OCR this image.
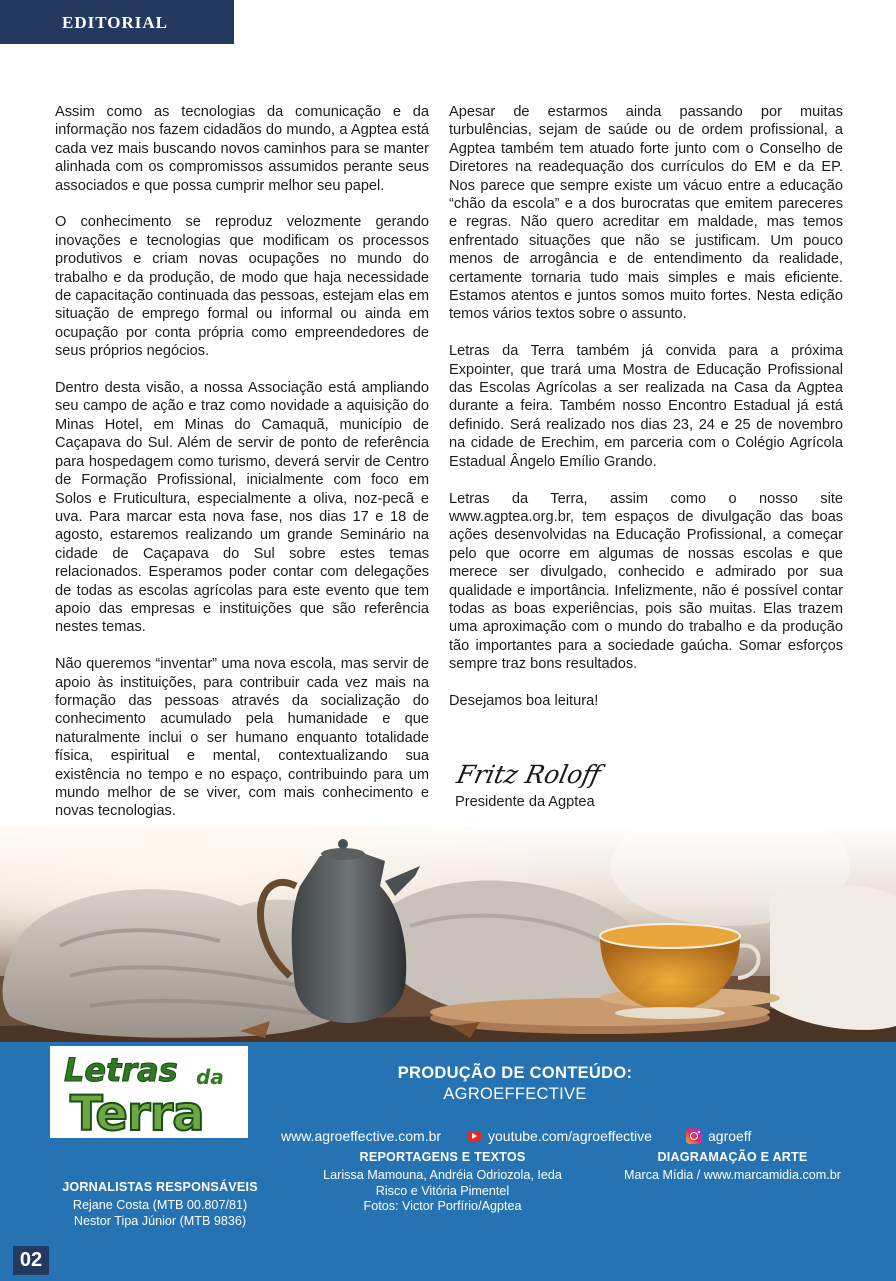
EDITORIAL

Assim como as tecnologias da comunicação e da informação nos fazem cidadãos do mundo, a Agptea está cada vez mais buscando novos caminhos para se manter alinhada com os compromissos assumidos perante seus associados e que possa cumprir melhor seu papel.

O conhecimento se reproduz velozmente gerando inovações e tecnologias que modificam os processos produtivos e criam novas ocupações no mundo do trabalho e da produção, de modo que haja necessidade de capacitação continuada das pessoas, estejam elas em situação de emprego formal ou informal ou ainda em ocupação por conta própria como empreendedores de seus próprios negócios.

Dentro desta visão, a nossa Associação está ampliando seu campo de ação e traz como novidade a aquisição do Minas Hotel, em Minas do Camaquã, município de Caçapava do Sul. Além de servir de ponto de referência para hospedagem como turismo, deverá servir de Centro de Formação Profissional, inicialmente com foco em Solos e Fruticultura, especialmente a oliva, noz-pecã e uva. Para marcar esta nova fase, nos dias 17 e 18 de agosto, estaremos realizando um grande Seminário na cidade de Caçapava do Sul sobre estes temas relacionados. Esperamos poder contar com delegações de todas as escolas agrícolas para este evento que tem apoio das empresas e instituições que são referência nestes temas.

Não queremos “inventar” uma nova escola, mas servir de apoio às instituições, para contribuir cada vez mais na formação das pessoas através da socialização do conhecimento acumulado pela humanidade e que naturalmente inclui o ser humano enquanto totalidade física, espiritual e mental, contextualizando sua existência no tempo e no espaço, contribuindo para um mundo melhor de se viver, com mais conhecimento e novas tecnologias.

Apesar de estarmos ainda passando por muitas turbulências, sejam de saúde ou de ordem profissional, a Agptea também tem atuado forte junto com o Conselho de Diretores na readequação dos currículos do EM e da EP. Nos parece que sempre existe um vácuo entre a educação “chão da escola” e a dos burocratas que emitem pareceres e regras. Não quero acreditar em maldade, mas temos enfrentado situações que não se justificam. Um pouco menos de arrogância e de entendimento da realidade, certamente tornaria tudo mais simples e mais eficiente. Estamos atentos e juntos somos muito fortes. Nesta edição temos vários textos sobre o assunto.

Letras da Terra também já convida para a próxima Expointer, que trará uma Mostra de Educação Profissional das Escolas Agrícolas a ser realizada na Casa da Agptea durante a feira. Também nosso Encontro Estadual já está definido. Será realizado nos dias 23, 24 e 25 de novembro na cidade de Erechim, em parceria com o Colégio Agrícola Estadual Ângelo Emílio Grando.

Letras da Terra, assim como o nosso site www.agptea.org.br, tem espaços de divulgação das boas ações desenvolvidas na Educação Profissional, a começar pelo que ocorre em algumas de nossas escolas e que merece ser divulgado, conhecido e admirado por sua qualidade e importância. Infelizmente, não é possível contar todas as boas experiências, pois são muitas. Elas trazem uma aproximação com o mundo do trabalho e da produção tão importantes para a sociedade gaúcha. Somar esforços sempre traz bons resultados.

Desejamos boa leitura!

Fritz Roloff
Presidente da Agptea
Letras da
Terra
PRODUÇÃO DE CONTEÚDO:
AGROEFFECTIVE
www.agroeffective.com.br	youtube.com/agroeffective	agroeff
JORNALISTAS RESPONSÁVEIS
Rejane Costa (MTB 00.807/81)
Nestor Tipa Júnior (MTB 9836)
REPORTAGENS E TEXTOS
Larissa Mamouna, Andréia Odriozola, Ieda
Risco e Vitória Pimentel
Fotos: Victor Porfírio/Agptea
DIAGRAMAÇÃO E ARTE
Marca Mídia / www.marcamidia.com.br
02
